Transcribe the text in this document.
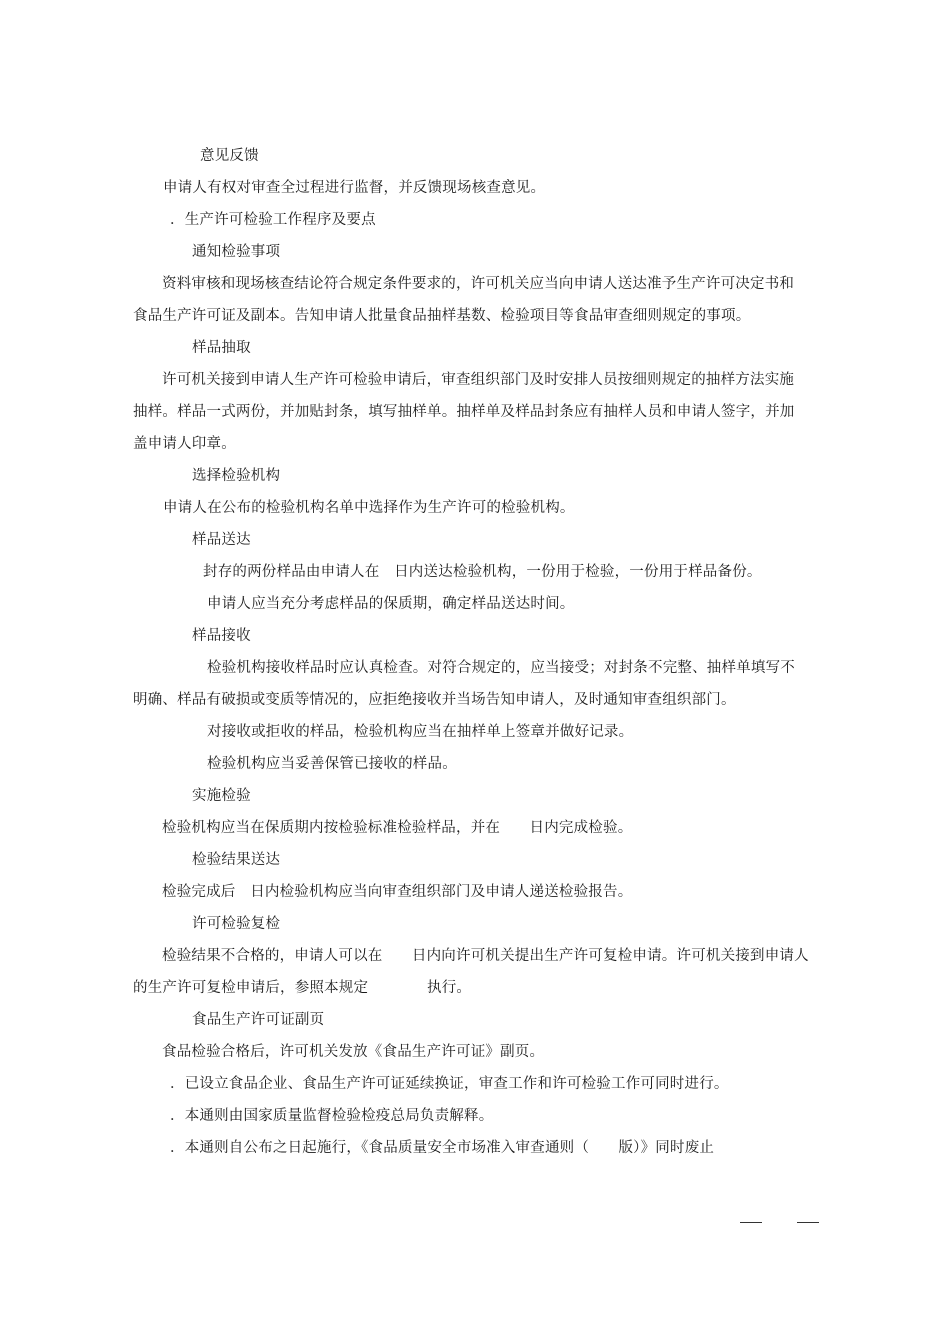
意见反馈
申请人有权对审查全过程进行监督，并反馈现场核查意见。
．生产许可检验工作程序及要点
通知检验事项
资料审核和现场核查结论符合规定条件要求的，许可机关应当向申请人送达准予生产许可决定书和
食品生产许可证及副本。告知申请人批量食品抽样基数、检验项目等食品审查细则规定的事项。
样品抽取
许可机关接到申请人生产许可检验申请后，审查组织部门及时安排人员按细则规定的抽样方法实施
抽样。样品一式两份，并加贴封条，填写抽样单。抽样单及样品封条应有抽样人员和申请人签字，并加
盖申请人印章。
选择检验机构
申请人在公布的检验机构名单中选择作为生产许可的检验机构。
样品送达
封存的两份样品由申请人在　日内送达检验机构，一份用于检验，一份用于样品备份。
申请人应当充分考虑样品的保质期，确定样品送达时间。
样品接收
检验机构接收样品时应认真检查。对符合规定的，应当接受；对封条不完整、抽样单填写不
明确、样品有破损或变质等情况的，应拒绝接收并当场告知申请人，及时通知审查组织部门。
对接收或拒收的样品，检验机构应当在抽样单上签章并做好记录。
检验机构应当妥善保管已接收的样品。
实施检验
检验机构应当在保质期内按检验标准检验样品，并在　　日内完成检验。
检验结果送达
检验完成后　日内检验机构应当向审查组织部门及申请人递送检验报告。
许可检验复检
检验结果不合格的，申请人可以在　　日内向许可机关提出生产许可复检申请。许可机关接到申请人
的生产许可复检申请后，参照本规定　　　　执行。
食品生产许可证副页
食品检验合格后，许可机关发放《食品生产许可证》副页。
．已设立食品企业、食品生产许可证延续换证，审查工作和许可检验工作可同时进行。
．本通则由国家质量监督检验检疫总局负责解释。
．本通则自公布之日起施行，《食品质量安全市场准入审查通则（　　版）》同时废止
